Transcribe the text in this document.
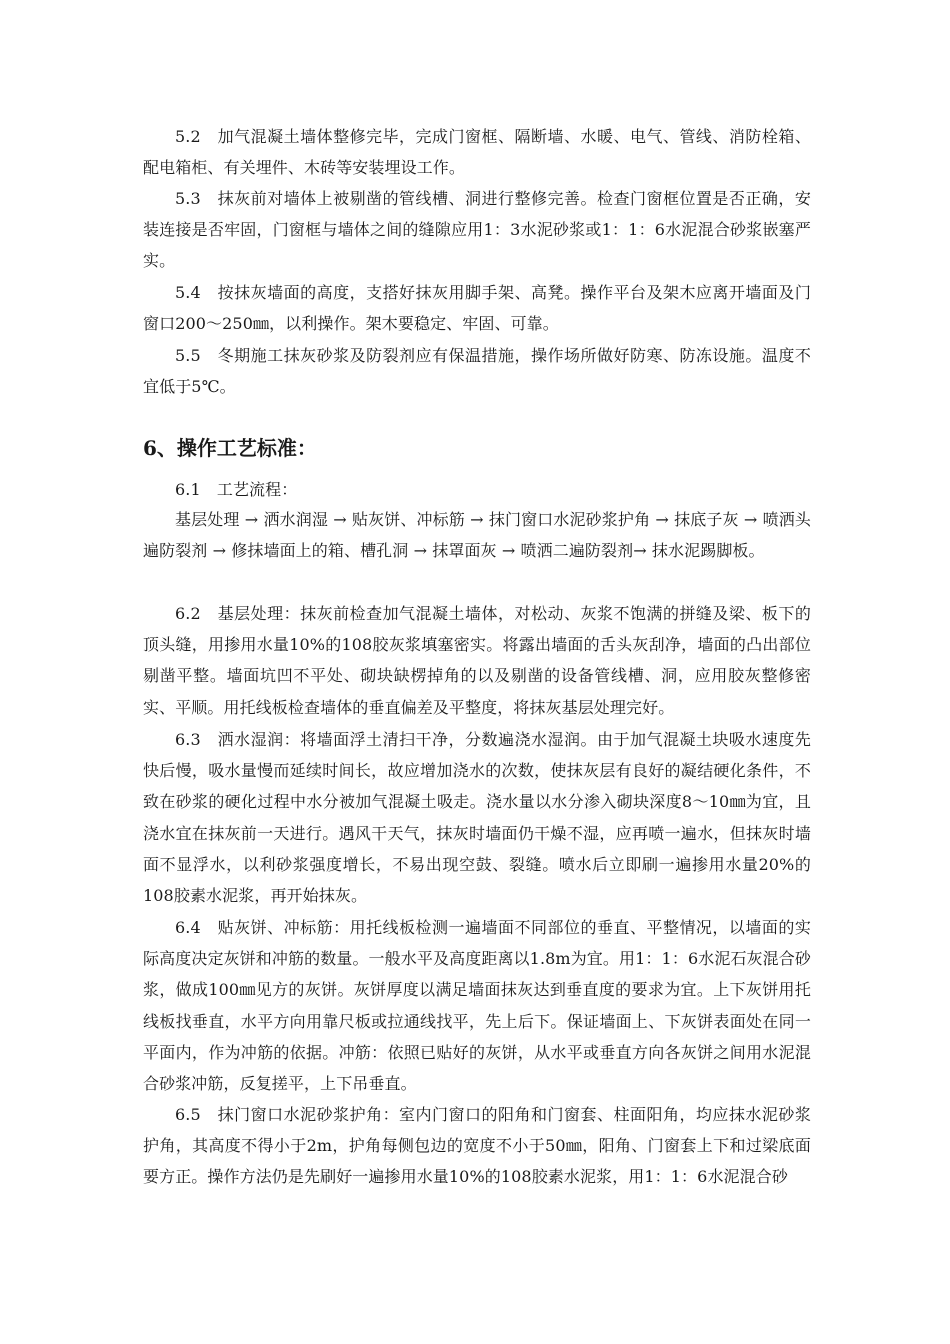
5.2　加气混凝土墙体整修完毕，完成门窗框、隔断墙、水暖、电气、管线、消防栓箱、配电箱柜、有关埋件、木砖等安装埋设工作。

5.3　抹灰前对墙体上被剔凿的管线槽、洞进行整修完善。检查门窗框位置是否正确，安装连接是否牢固，门窗框与墙体之间的缝隙应用1：3水泥砂浆或1：1：6水泥混合砂浆嵌塞严实。

5.4　按抹灰墙面的高度，支搭好抹灰用脚手架、高凳。操作平台及架木应离开墙面及门窗口200～250㎜，以利操作。架木要稳定、牢固、可靠。

5.5　冬期施工抹灰砂浆及防裂剂应有保温措施，操作场所做好防寒、防冻设施。温度不宜低于5℃。

6、操作工艺标准：

6.1　工艺流程：

基层处理 → 洒水润湿 → 贴灰饼、冲标筋 → 抹门窗口水泥砂浆护角 → 抹底子灰 → 喷洒头遍防裂剂 → 修抹墙面上的箱、槽孔洞 → 抹罩面灰 → 喷洒二遍防裂剂→ 抹水泥踢脚板。

6.2　基层处理：抹灰前检查加气混凝土墙体，对松动、灰浆不饱满的拼缝及梁、板下的顶头缝，用掺用水量10%的108胶灰浆填塞密实。将露出墙面的舌头灰刮净，墙面的凸出部位剔凿平整。墙面坑凹不平处、砌块缺楞掉角的以及剔凿的设备管线槽、洞，应用胶灰整修密实、平顺。用托线板检查墙体的垂直偏差及平整度，将抹灰基层处理完好。

6.3　洒水湿润：将墙面浮土清扫干净，分数遍浇水湿润。由于加气混凝土块吸水速度先快后慢，吸水量慢而延续时间长，故应增加浇水的次数，使抹灰层有良好的凝结硬化条件，不致在砂浆的硬化过程中水分被加气混凝土吸走。浇水量以水分渗入砌块深度8～10㎜为宜，且浇水宜在抹灰前一天进行。遇风干天气，抹灰时墙面仍干燥不湿，应再喷一遍水，但抹灰时墙面不显浮水，以利砂浆强度增长，不易出现空鼓、裂缝。喷水后立即刷一遍掺用水量20%的108胶素水泥浆，再开始抹灰。

6.4　贴灰饼、冲标筋：用托线板检测一遍墙面不同部位的垂直、平整情况，以墙面的实际高度决定灰饼和冲筋的数量。一般水平及高度距离以1.8m为宜。用1：1：6水泥石灰混合砂浆，做成100㎜见方的灰饼。灰饼厚度以满足墙面抹灰达到垂直度的要求为宜。上下灰饼用托线板找垂直，水平方向用靠尺板或拉通线找平，先上后下。保证墙面上、下灰饼表面处在同一平面内，作为冲筋的依据。冲筋：依照已贴好的灰饼，从水平或垂直方向各灰饼之间用水泥混合砂浆冲筋，反复搓平，上下吊垂直。

6.5　抹门窗口水泥砂浆护角：室内门窗口的阳角和门窗套、柱面阳角，均应抹水泥砂浆护角，其高度不得小于2m，护角每侧包边的宽度不小于50㎜，阳角、门窗套上下和过梁底面要方正。操作方法仍是先刷好一遍掺用水量10%的108胶素水泥浆，用1：1：6水泥混合砂
